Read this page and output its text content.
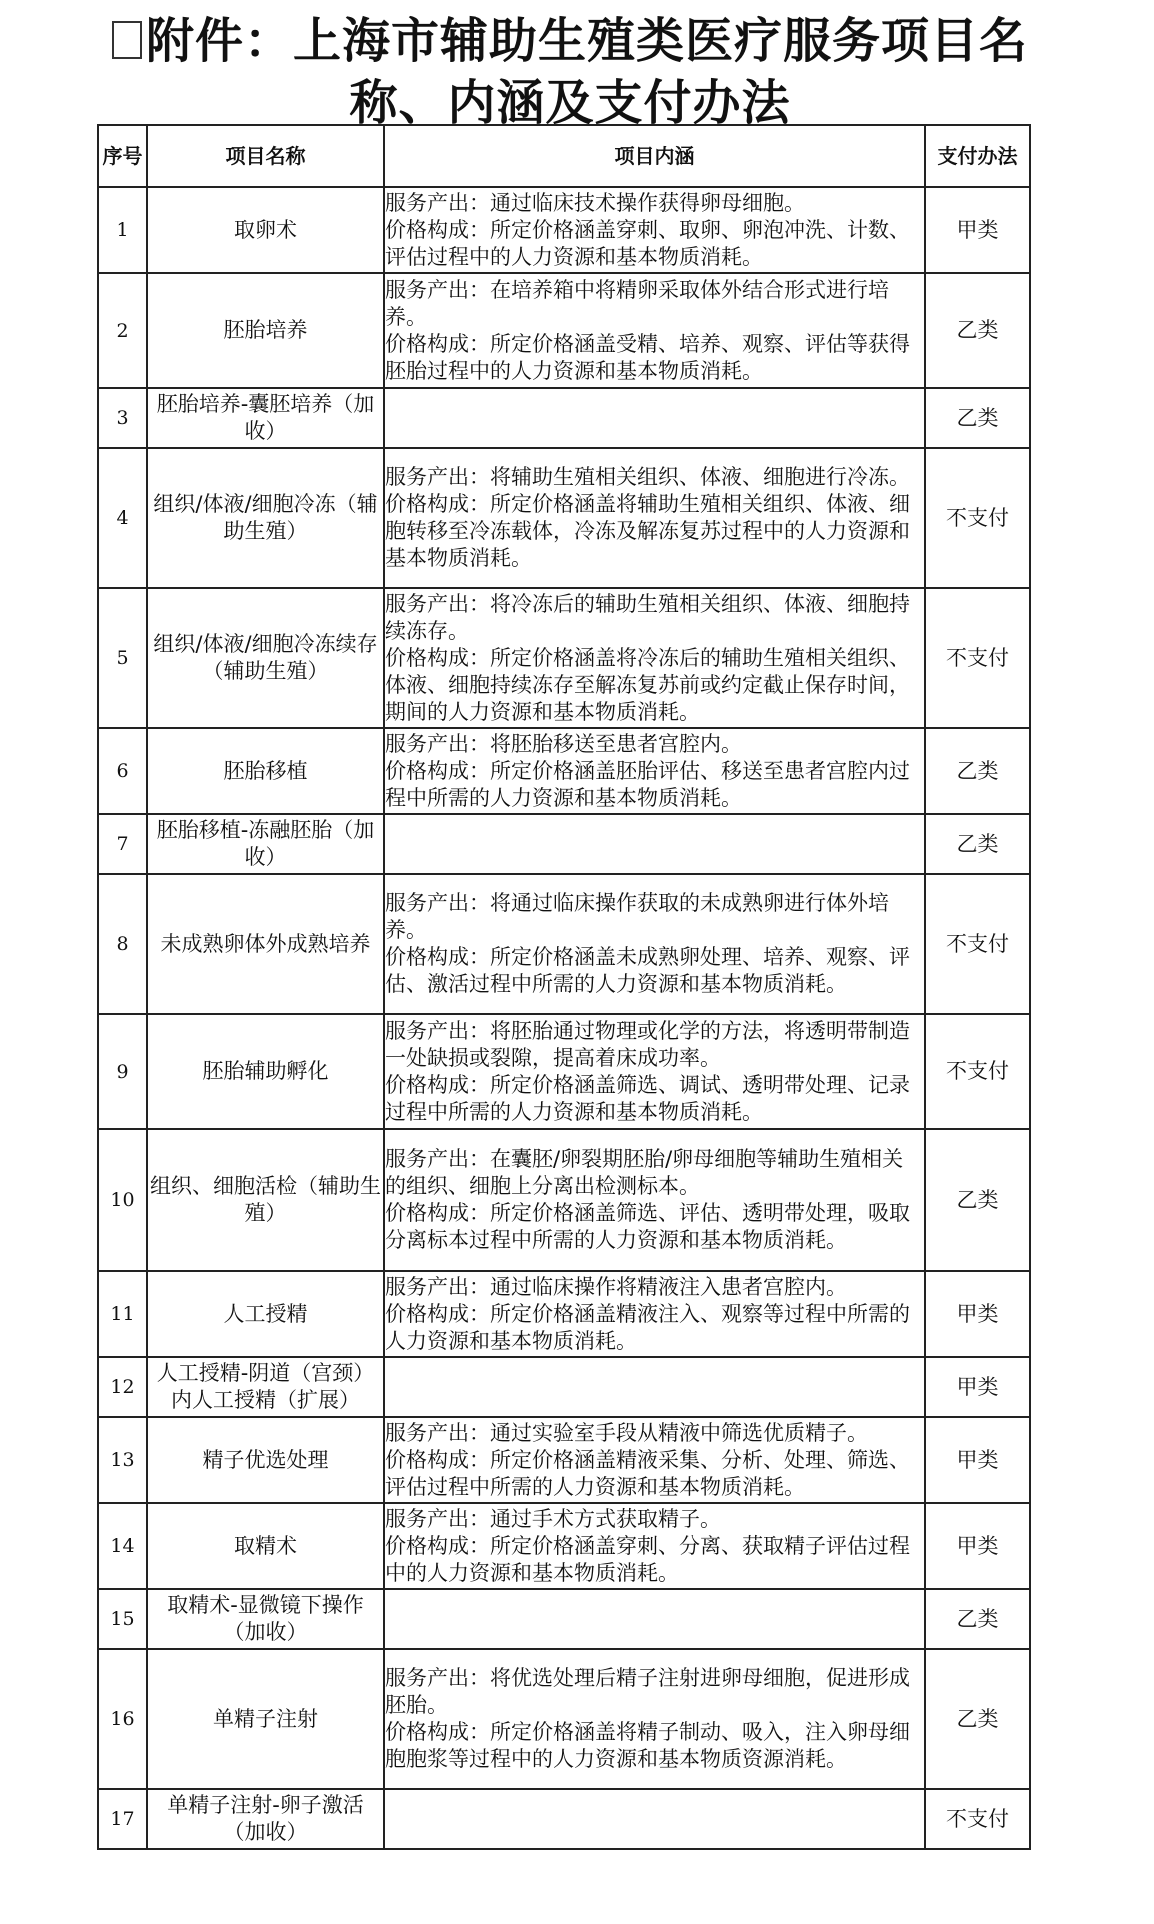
附件：上海市辅助生殖类医疗服务项目名
称、内涵及支付办法
序号	项目名称	项目内涵	支付办法
1	取卵术	服务产出：通过临床技术操作获得卵母细胞。
价格构成：所定价格涵盖穿刺、取卵、卵泡冲洗、计数、评估过程中的人力资源和基本物质消耗。	甲类
2	胚胎培养	服务产出：在培养箱中将精卵采取体外结合形式进行培养。
价格构成：所定价格涵盖受精、培养、观察、评估等获得胚胎过程中的人力资源和基本物质消耗。	乙类
3	胚胎培养-囊胚培养（加收）		乙类
4	组织/体液/细胞冷冻（辅助生殖）	服务产出：将辅助生殖相关组织、体液、细胞进行冷冻。
价格构成：所定价格涵盖将辅助生殖相关组织、体液、细胞转移至冷冻载体，冷冻及解冻复苏过程中的人力资源和基本物质消耗。	不支付
5	组织/体液/细胞冷冻续存（辅助生殖）	服务产出：将冷冻后的辅助生殖相关组织、体液、细胞持续冻存。
价格构成：所定价格涵盖将冷冻后的辅助生殖相关组织、体液、细胞持续冻存至解冻复苏前或约定截止保存时间，期间的人力资源和基本物质消耗。	不支付
6	胚胎移植	服务产出：将胚胎移送至患者宫腔内。
价格构成：所定价格涵盖胚胎评估、移送至患者宫腔内过程中所需的人力资源和基本物质消耗。	乙类
7	胚胎移植-冻融胚胎（加收）		乙类
8	未成熟卵体外成熟培养	服务产出：将通过临床操作获取的未成熟卵进行体外培养。
价格构成：所定价格涵盖未成熟卵处理、培养、观察、评估、激活过程中所需的人力资源和基本物质消耗。	不支付
9	胚胎辅助孵化	服务产出：将胚胎通过物理或化学的方法，将透明带制造一处缺损或裂隙，提高着床成功率。
价格构成：所定价格涵盖筛选、调试、透明带处理、记录过程中所需的人力资源和基本物质消耗。	不支付
10	组织、细胞活检（辅助生殖）	服务产出：在囊胚/卵裂期胚胎/卵母细胞等辅助生殖相关的组织、细胞上分离出检测标本。
价格构成：所定价格涵盖筛选、评估、透明带处理，吸取分离标本过程中所需的人力资源和基本物质消耗。	乙类
11	人工授精	服务产出：通过临床操作将精液注入患者宫腔内。
价格构成：所定价格涵盖精液注入、观察等过程中所需的人力资源和基本物质消耗。	甲类
12	人工授精-阴道（宫颈）内人工授精（扩展）		甲类
13	精子优选处理	服务产出：通过实验室手段从精液中筛选优质精子。
价格构成：所定价格涵盖精液采集、分析、处理、筛选、评估过程中所需的人力资源和基本物质消耗。	甲类
14	取精术	服务产出：通过手术方式获取精子。
价格构成：所定价格涵盖穿刺、分离、获取精子评估过程中的人力资源和基本物质消耗。	甲类
15	取精术-显微镜下操作（加收）		乙类
16	单精子注射	服务产出：将优选处理后精子注射进卵母细胞，促进形成胚胎。
价格构成：所定价格涵盖将精子制动、吸入，注入卵母细胞胞浆等过程中的人力资源和基本物质资源消耗。	乙类
17	单精子注射-卵子激活（加收）		不支付
